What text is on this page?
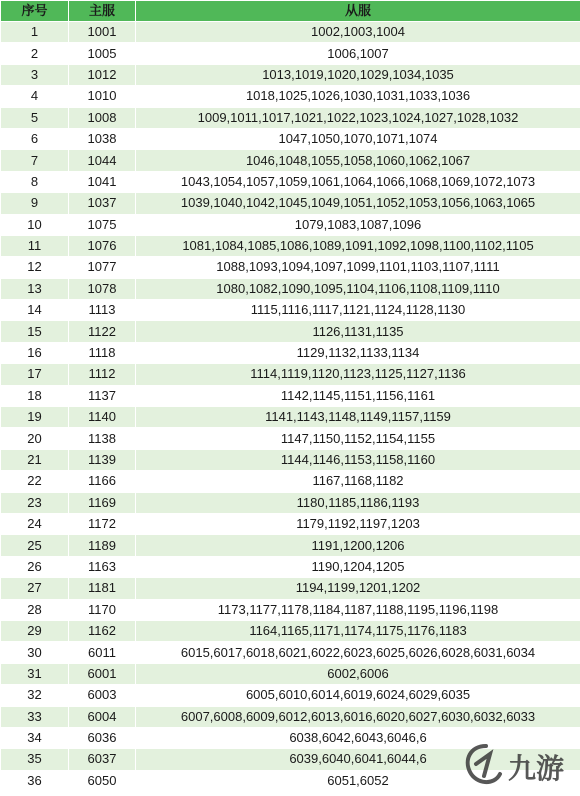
序号	主服	从服
1	1001	1002,1003,1004
2	1005	1006,1007
3	1012	1013,1019,1020,1029,1034,1035
4	1010	1018,1025,1026,1030,1031,1033,1036
5	1008	1009,1011,1017,1021,1022,1023,1024,1027,1028,1032
6	1038	1047,1050,1070,1071,1074
7	1044	1046,1048,1055,1058,1060,1062,1067
8	1041	1043,1054,1057,1059,1061,1064,1066,1068,1069,1072,1073
9	1037	1039,1040,1042,1045,1049,1051,1052,1053,1056,1063,1065
10	1075	1079,1083,1087,1096
11	1076	1081,1084,1085,1086,1089,1091,1092,1098,1100,1102,1105
12	1077	1088,1093,1094,1097,1099,1101,1103,1107,1111
13	1078	1080,1082,1090,1095,1104,1106,1108,1109,1110
14	1113	1115,1116,1117,1121,1124,1128,1130
15	1122	1126,1131,1135
16	1118	1129,1132,1133,1134
17	1112	1114,1119,1120,1123,1125,1127,1136
18	1137	1142,1145,1151,1156,1161
19	1140	1141,1143,1148,1149,1157,1159
20	1138	1147,1150,1152,1154,1155
21	1139	1144,1146,1153,1158,1160
22	1166	1167,1168,1182
23	1169	1180,1185,1186,1193
24	1172	1179,1192,1197,1203
25	1189	1191,1200,1206
26	1163	1190,1204,1205
27	1181	1194,1199,1201,1202
28	1170	1173,1177,1178,1184,1187,1188,1195,1196,1198
29	1162	1164,1165,1171,1174,1175,1176,1183
30	6011	6015,6017,6018,6021,6022,6023,6025,6026,6028,6031,6034
31	6001	6002,6006
32	6003	6005,6010,6014,6019,6024,6029,6035
33	6004	6007,6008,6009,6012,6013,6016,6020,6027,6030,6032,6033
34	6036	6038,6042,6043,6046,6
35	6037	6039,6040,6041,6044,6
36	6050	6051,6052	九游
